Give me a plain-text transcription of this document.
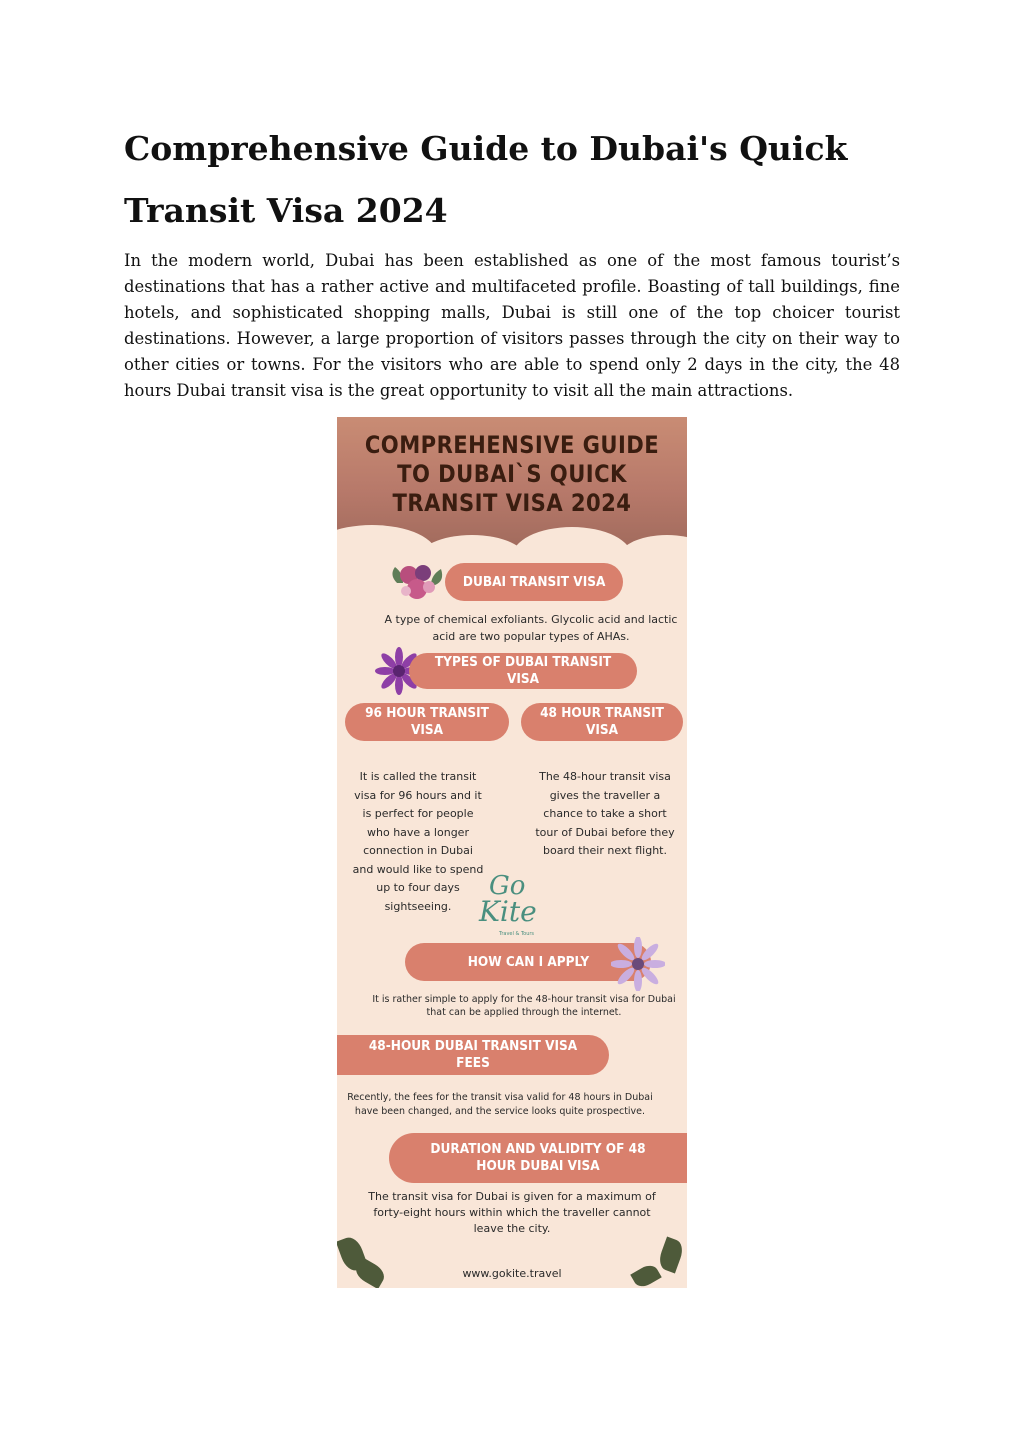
Comprehensive Guide to Dubai's Quick Transit Visa 2024

In the modern world, Dubai has been established as one of the most famous tourist’s destinations that has a rather active and multifaceted profile. Boasting of tall buildings, fine hotels, and sophisticated shopping malls, Dubai is still one of the top choicer tourist destinations. However, a large proportion of visitors passes through the city on their way to other cities or towns. For the visitors who are able to spend only 2 days in the city, the 48 hours Dubai transit visa is the great opportunity to visit all the main attractions.

COMPREHENSIVE GUIDE
TO DUBAI`S QUICK
TRANSIT VISA 2024
DUBAI TRANSIT VISA
A type of chemical exfoliants. Glycolic acid and lactic acid are two popular types of AHAs.
TYPES OF DUBAI TRANSIT VISA
96 HOUR TRANSIT VISA
48 HOUR TRANSIT VISA
It is called the transit visa for 96 hours and it is perfect for people who have a longer connection in Dubai and would like to spend up to four days sightseeing.
The 48-hour transit visa gives the traveller a chance to take a short tour of Dubai before they board their next flight.
Go
Kite
Travel & Tours
HOW CAN I APPLY
It is rather simple to apply for the 48-hour transit visa for Dubai that can be applied through the internet.
48-HOUR DUBAI TRANSIT VISA FEES
Recently, the fees for the transit visa valid for 48 hours in Dubai have been changed, and the service looks quite prospective.
DURATION AND VALIDITY OF 48 HOUR DUBAI VISA
The transit visa for Dubai is given for a maximum of forty-eight hours within which the traveller cannot leave the city.
www.gokite.travel
